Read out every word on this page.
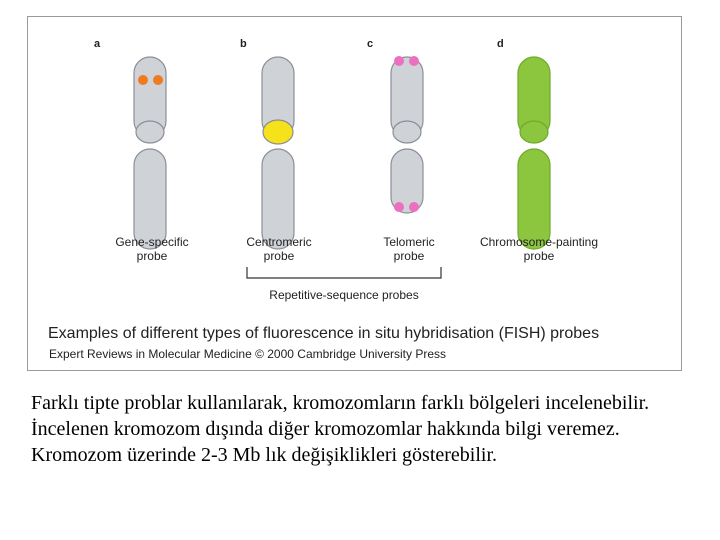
a
Gene-specific
probe
b
Centromeric
probe
c
Telomeric
probe
d
Chromosome-painting
probe
Repetitive-sequence probes
Examples of different types of fluorescence in situ hybridisation (FISH) probes
Expert Reviews in Molecular Medicine © 2000 Cambridge University Press

Farklı tipte problar kullanılarak, kromozomların farklı bölgeleri incelenebilir.

İncelenen kromozom dışında diğer kromozomlar hakkında bilgi veremez.

Kromozom üzerinde 2-3 Mb lık değişiklikleri gösterebilir.
